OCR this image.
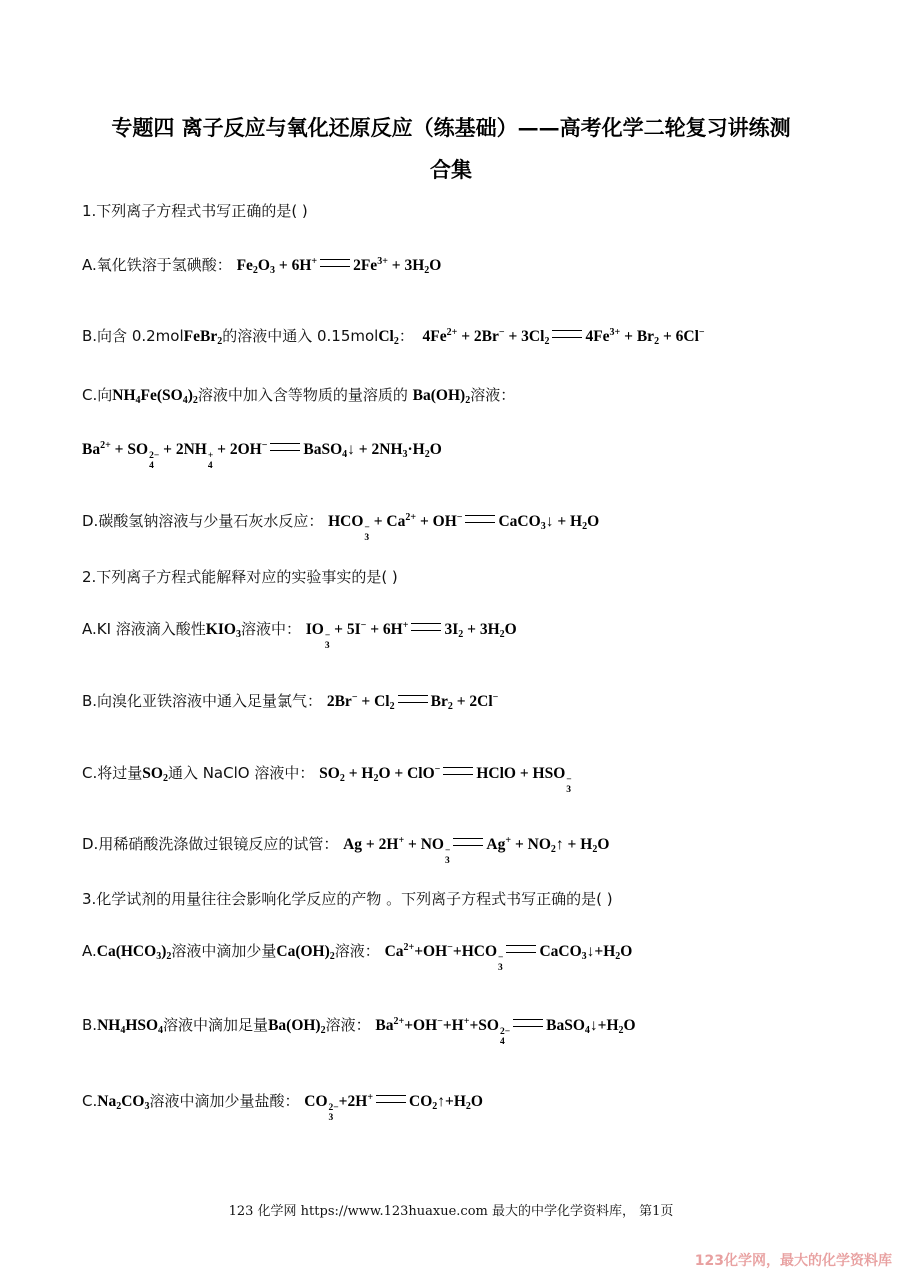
专题四 离子反应与氧化还原反应（练基础）——高考化学二轮复习讲练测
合集
1.下列离子方程式书写正确的是( )
A.氧化铁溶于氢碘酸： $Fe_2O_3 + 6H^+$ $2Fe^{3+} + 3H_2O$
B.向含 0.2molFeBr$_2$的溶液中通入 0.15molCl$_2$：  $4Fe^{2+} + 2Br^- + 3Cl_2$ $4Fe^{3+} + Br_2 + 6Cl^-$
C.向$NH_4Fe(SO_4)_2$溶液中加入含等物质的量溶质的 $Ba(OH)_2$溶液：
$Ba^{2+}$ + SO 2−
4
+ 2NH +
4
+ 2OH− BaSO$_4$↓ + $2NH_3\cdot H_2O$
D.碳酸氢钠溶液与少量石灰水反应： HCO −
3
+ $Ca^{2+} + OH^-$ CaCO$_3$↓ + $H_2O$
2.下列离子方程式能解释对应的实验事实的是( )
A.KI 溶液滴入酸性$KIO_3$溶液中： IO −
3
+ 5I− + 6H+ $3I_2 + 3H_2O$
B.向溴化亚铁溶液中通入足量氯气： $2Br^- + Cl_2$ $Br_2 + 2Cl^-$
C.将过量$SO_2$通入 NaClO 溶液中： $SO_2 + H_2O + ClO^-$ HClO + HSO −
3
D.用稀硝酸洗涤做过银镜反应的试管： Ag + 2H+ + NO −
3
$Ag^+ + NO_2↑ + H_2O$
3.化学试剂的用量往往会影响化学反应的产物 。下列离子方程式书写正确的是( )
$A.Ca(HCO_3)_2$溶液中滴加少量$Ca(OH)_2$溶液： $Ca^{2+}+OH^-+HCO$ −
3
$CaCO_3↓+H_2O$
$B.NH_4HSO_4$溶液中滴加足量$Ba(OH)_2$溶液： $Ba^{2+}+OH^-+H^++SO$ 2−
4
$BaSO_4↓+H_2O$
$C.Na_2CO_3$溶液中滴加少量盐酸： CO 2−
3
+2H+ $CO_2↑+H_2O$
123 化学网 https://www.123huaxue.com 最大的中学化学资料库， 第1页
123化学网，最大的化学资料库
